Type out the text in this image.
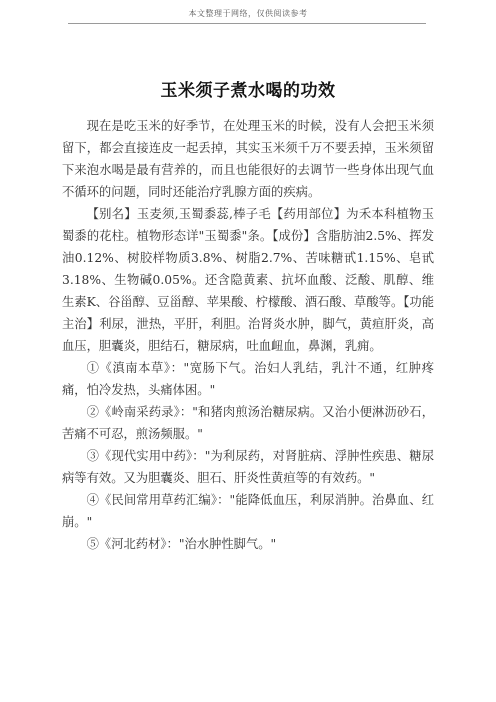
本文整理于网络，仅供阅读参考
玉米须子煮水喝的功效

现在是吃玉米的好季节，在处理玉米的时候，没有人会把玉米须留下，都会直接连皮一起丢掉，其实玉米须千万不要丢掉，玉米须留下来泡水喝是最有营养的，而且也能很好的去调节一些身体出现气血不循环的问题，同时还能治疗乳腺方面的疾病。

【别名】玉麦须,玉蜀黍蕊,棒子毛【药用部位】为禾本科植物玉蜀黍的花柱。植物形态详"玉蜀黍"条。【成份】含脂肪油2.5%、挥发油0.12%、树胶样物质3.8%、树脂2.7%、苦味糖甙1.15%、皂甙3.18%、生物碱0.05%。还含隐黄素、抗坏血酸、泛酸、肌醇、维生素K、谷甾醇、豆甾醇、苹果酸、柠檬酸、酒石酸、草酸等。【功能主治】利尿，泄热，平肝，利胆。治肾炎水肿，脚气，黄疸肝炎，高血压，胆囊炎，胆结石，糖尿病，吐血衄血，鼻渊，乳痈。

①《滇南本草》："宽肠下气。治妇人乳结，乳汁不通，红肿疼痛，怕冷发热，头痛体困。"

②《岭南采药录》："和猪肉煎汤治糖尿病。又治小便淋沥砂石，苦痛不可忍，煎汤频服。"

③《现代实用中药》："为利尿药，对肾脏病、浮肿性疾患、糖尿病等有效。又为胆囊炎、胆石、肝炎性黄疸等的有效药。"

④《民间常用草药汇编》："能降低血压，利尿消肿。治鼻血、红崩。"

⑤《河北药材》："治水肿性脚气。"
